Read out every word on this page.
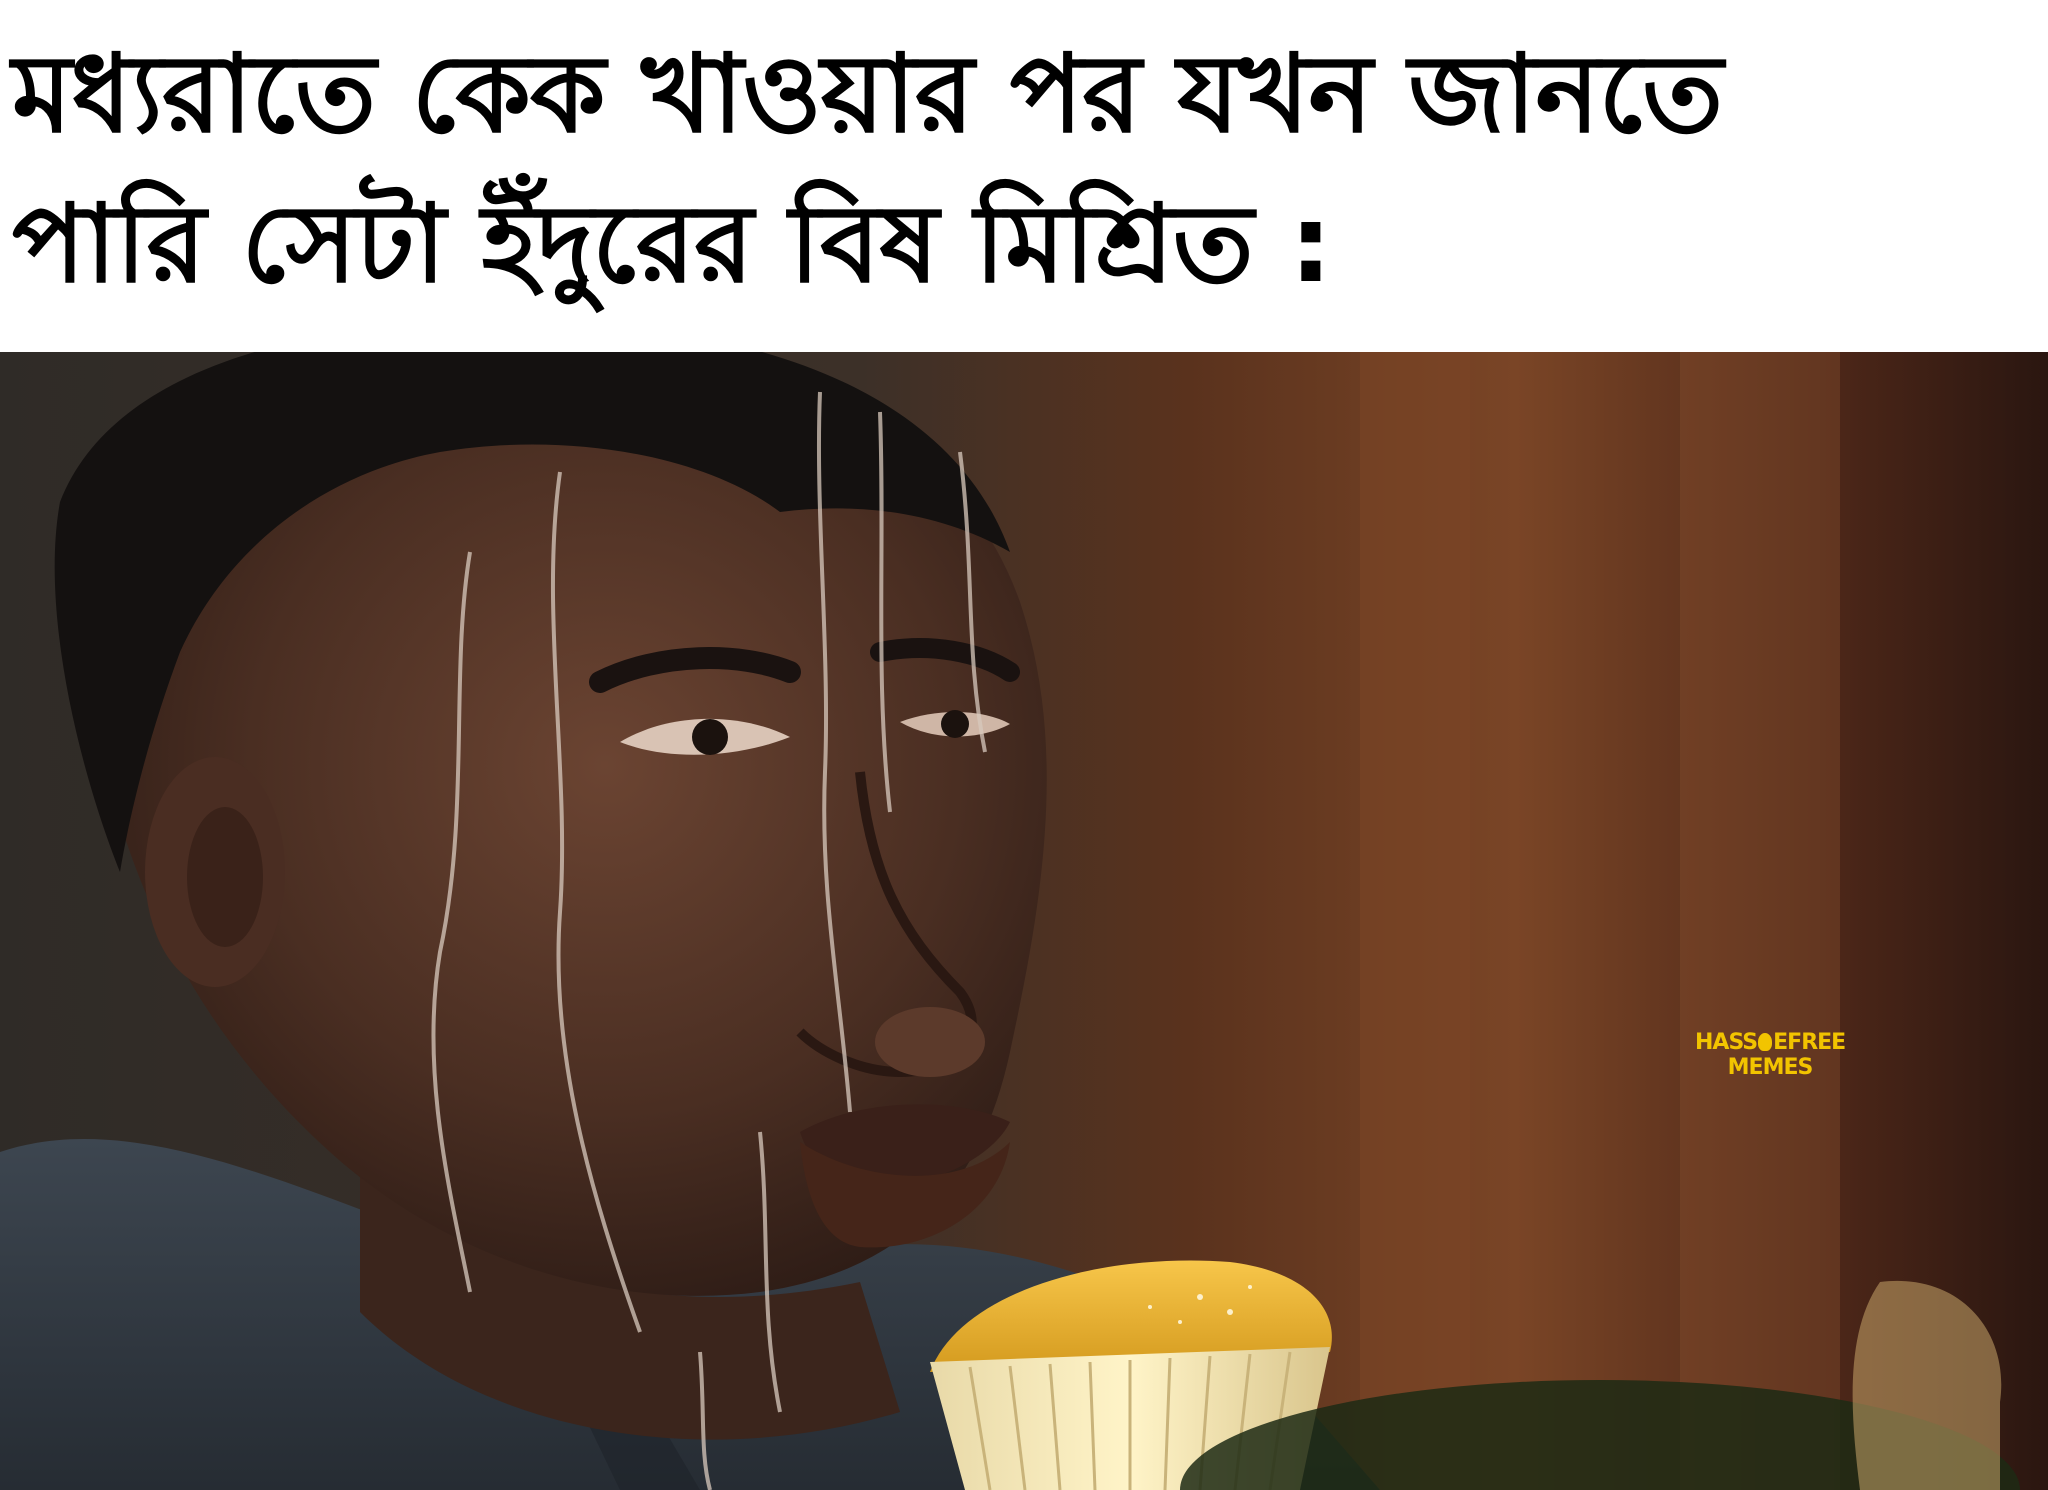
মধ্যরাতে কেক খাওয়ার পর যখন জানতে
পারি সেটা ইঁদুরের বিষ মিশ্রিত :
HASS EFREE
MEMES
